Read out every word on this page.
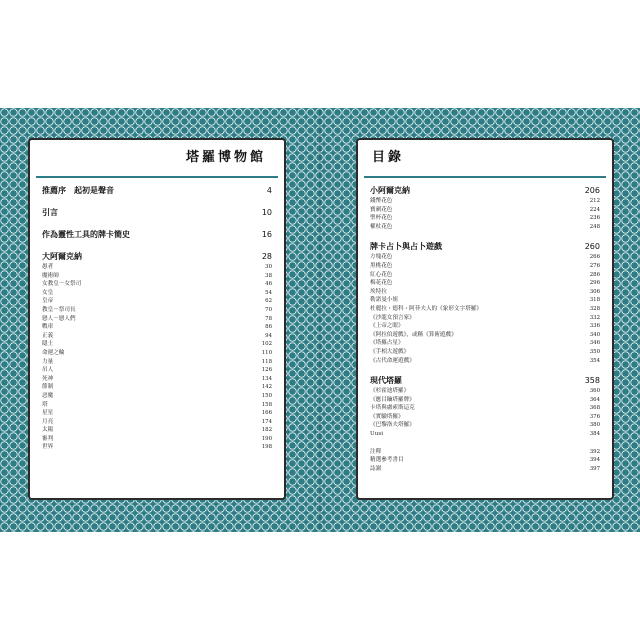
塔羅博物館
推薦序　起初是聲音	4
引言	10
作為靈性工具的牌卡簡史	16
大阿爾克納	28
愚者	30
魔術師	38
女教皇－女祭司	46
女皇	54
皇帝	62
教皇－祭司長	70
戀人－戀人們	78
戰車	86
正義	94
隱士	102
命運之輪	110
力量	118
吊人	126
死神	134
節制	142
惡魔	150
塔	158
星星	166
月亮	174
太陽	182
審判	190
世界	198
目錄
小阿爾克納	206
錢幣花色	212
寶劍花色	224
聖杯花色	236
權杖花色	248
牌卡占卜與占卜遊戲	260
方塊花色	266
黑桃花色	276
紅心花色	286
梅花花色	296
埃特拉	306
勒諾曼小姐	318
杜麗拉・德科・阿菲夫人的《象形文字塔羅》	328
《沙龍女預言家》	332
《上帝之眼》	336
《阿拉伯遊戲》，或稱《算術遊戲》	340
《塔羅占星》	346
《手相大遊戲》	350
《古代命運遊戲》	354
現代塔羅	358
《杉霍迪塔羅》	360
《應目鑰塔羅牌》	364
卡塔與盧索斯這克	368
《實驗塔羅》	376
《巴黎洛夫塔羅》	380
Uusi	384
注釋	392
精選參考書目	394
誌謝	397
